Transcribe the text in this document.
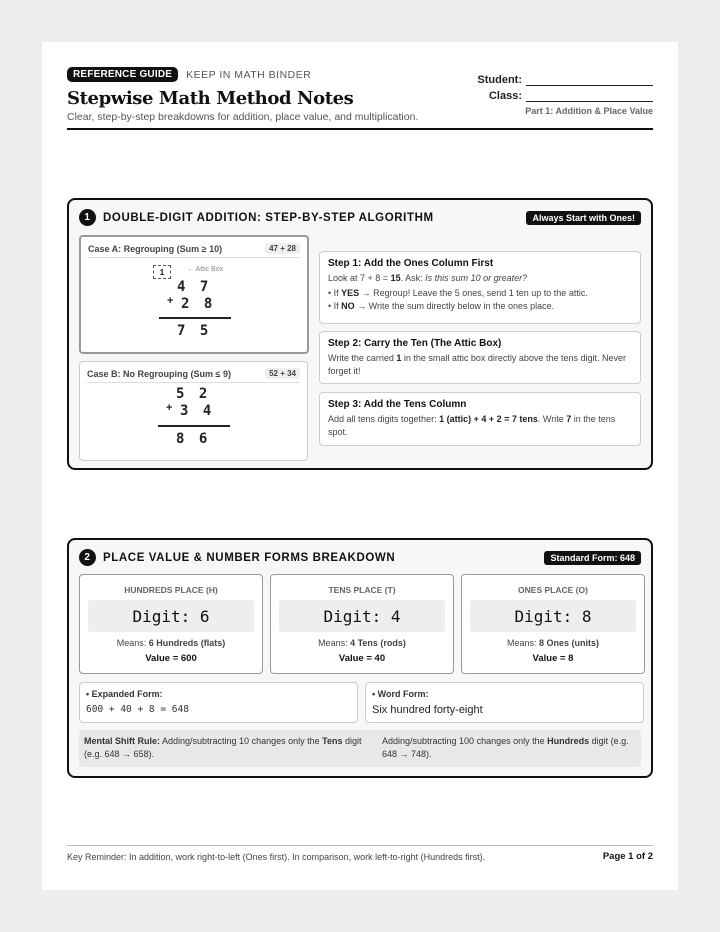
REFERENCE GUIDE	KEEP IN MATH BINDER
Stepwise Math Method Notes
Clear, step-by-step breakdowns for addition, place value, and multiplication.
Student:
Class:
Part 1: Addition & Place Value
1	DOUBLE-DIGIT ADDITION: STEP-BY-STEP ALGORITHM	Always Start with Ones!
Case A: Regrouping (Sum ≥ 10)	47 + 28
1	← Attic Box
4 7
+ 2 8
7 5
Case B: No Regrouping (Sum ≤ 9)	52 + 34
5 2
+ 3 4
8 6
Step 1: Add the Ones Column First
Look at 7 + 8 = 15. Ask: Is this sum 10 or greater?
• If YES → Regroup! Leave the 5 ones, send 1 ten up to the attic.
• If NO → Write the sum directly below in the ones place.
Step 2: Carry the Ten (The Attic Box)
Write the carried 1 in the small attic box directly above the tens digit. Never forget it!
Step 3: Add the Tens Column
Add all tens digits together: 1 (attic) + 4 + 2 = 7 tens. Write 7 in the tens spot.
2	PLACE VALUE & NUMBER FORMS BREAKDOWN	Standard Form: 648
HUNDREDS PLACE (H)
Digit: 6
Means: 6 Hundreds (flats)
Value = 600
TENS PLACE (T)
Digit: 4
Means: 4 Tens (rods)
Value = 40
ONES PLACE (O)
Digit: 8
Means: 8 Ones (units)
Value = 8
• Expanded Form:
600 + 40 + 8 = 648
• Word Form:
Six hundred forty-eight
Mental Shift Rule: Adding/subtracting 10 changes only the Tens digit (e.g. 648 → 658).
Adding/subtracting 100 changes only the Hundreds digit (e.g. 648 → 748).
Key Reminder: In addition, work right-to-left (Ones first). In comparison, work left-to-right (Hundreds first).	Page 1 of 2
